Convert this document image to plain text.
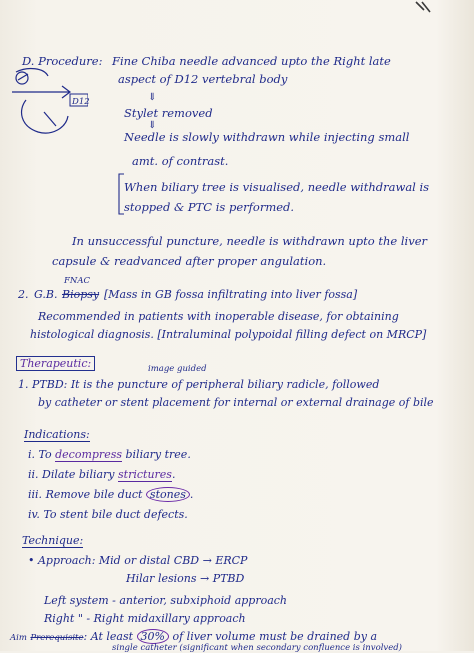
D. Procedure: Fine Chiba needle advanced upto the Right late
aspect of D12 vertebral body
D12	⇓
Stylet removed
⇓
Needle is slowly withdrawn while injecting small
amt. of contrast.
When biliary tree is visualised, needle withdrawal is
stopped & PTC is performed.
In unsuccessful puncture, needle is withdrawn upto the liver
capsule & readvanced after proper angulation.
FNAC
2. G.B. Biopsy [Mass in GB fossa infiltrating into liver fossa]
Recommended in patients with inoperable disease, for obtaining
histological diagnosis. [Intraluminal polypoidal filling defect on MRCP]
Therapeutic:	image guided
1. PTBD: It is the puncture of peripheral biliary radicle, followed
by catheter or stent placement for internal or external drainage of bile
Indications:
i. To decompress biliary tree.
ii. Dilate biliary strictures.
iii. Remove bile duct stones .
iv. To stent bile duct defects.
Technique:
• Approach: Mid or distal CBD → ERCP
Hilar lesions → PTBD
Left system - anterior, subxiphoid approach
Right " - Right midaxillary approach
Aim Prerequisite: At least 30% of liver volume must be drained by a
single catheter (significant when secondary confluence is involved)
